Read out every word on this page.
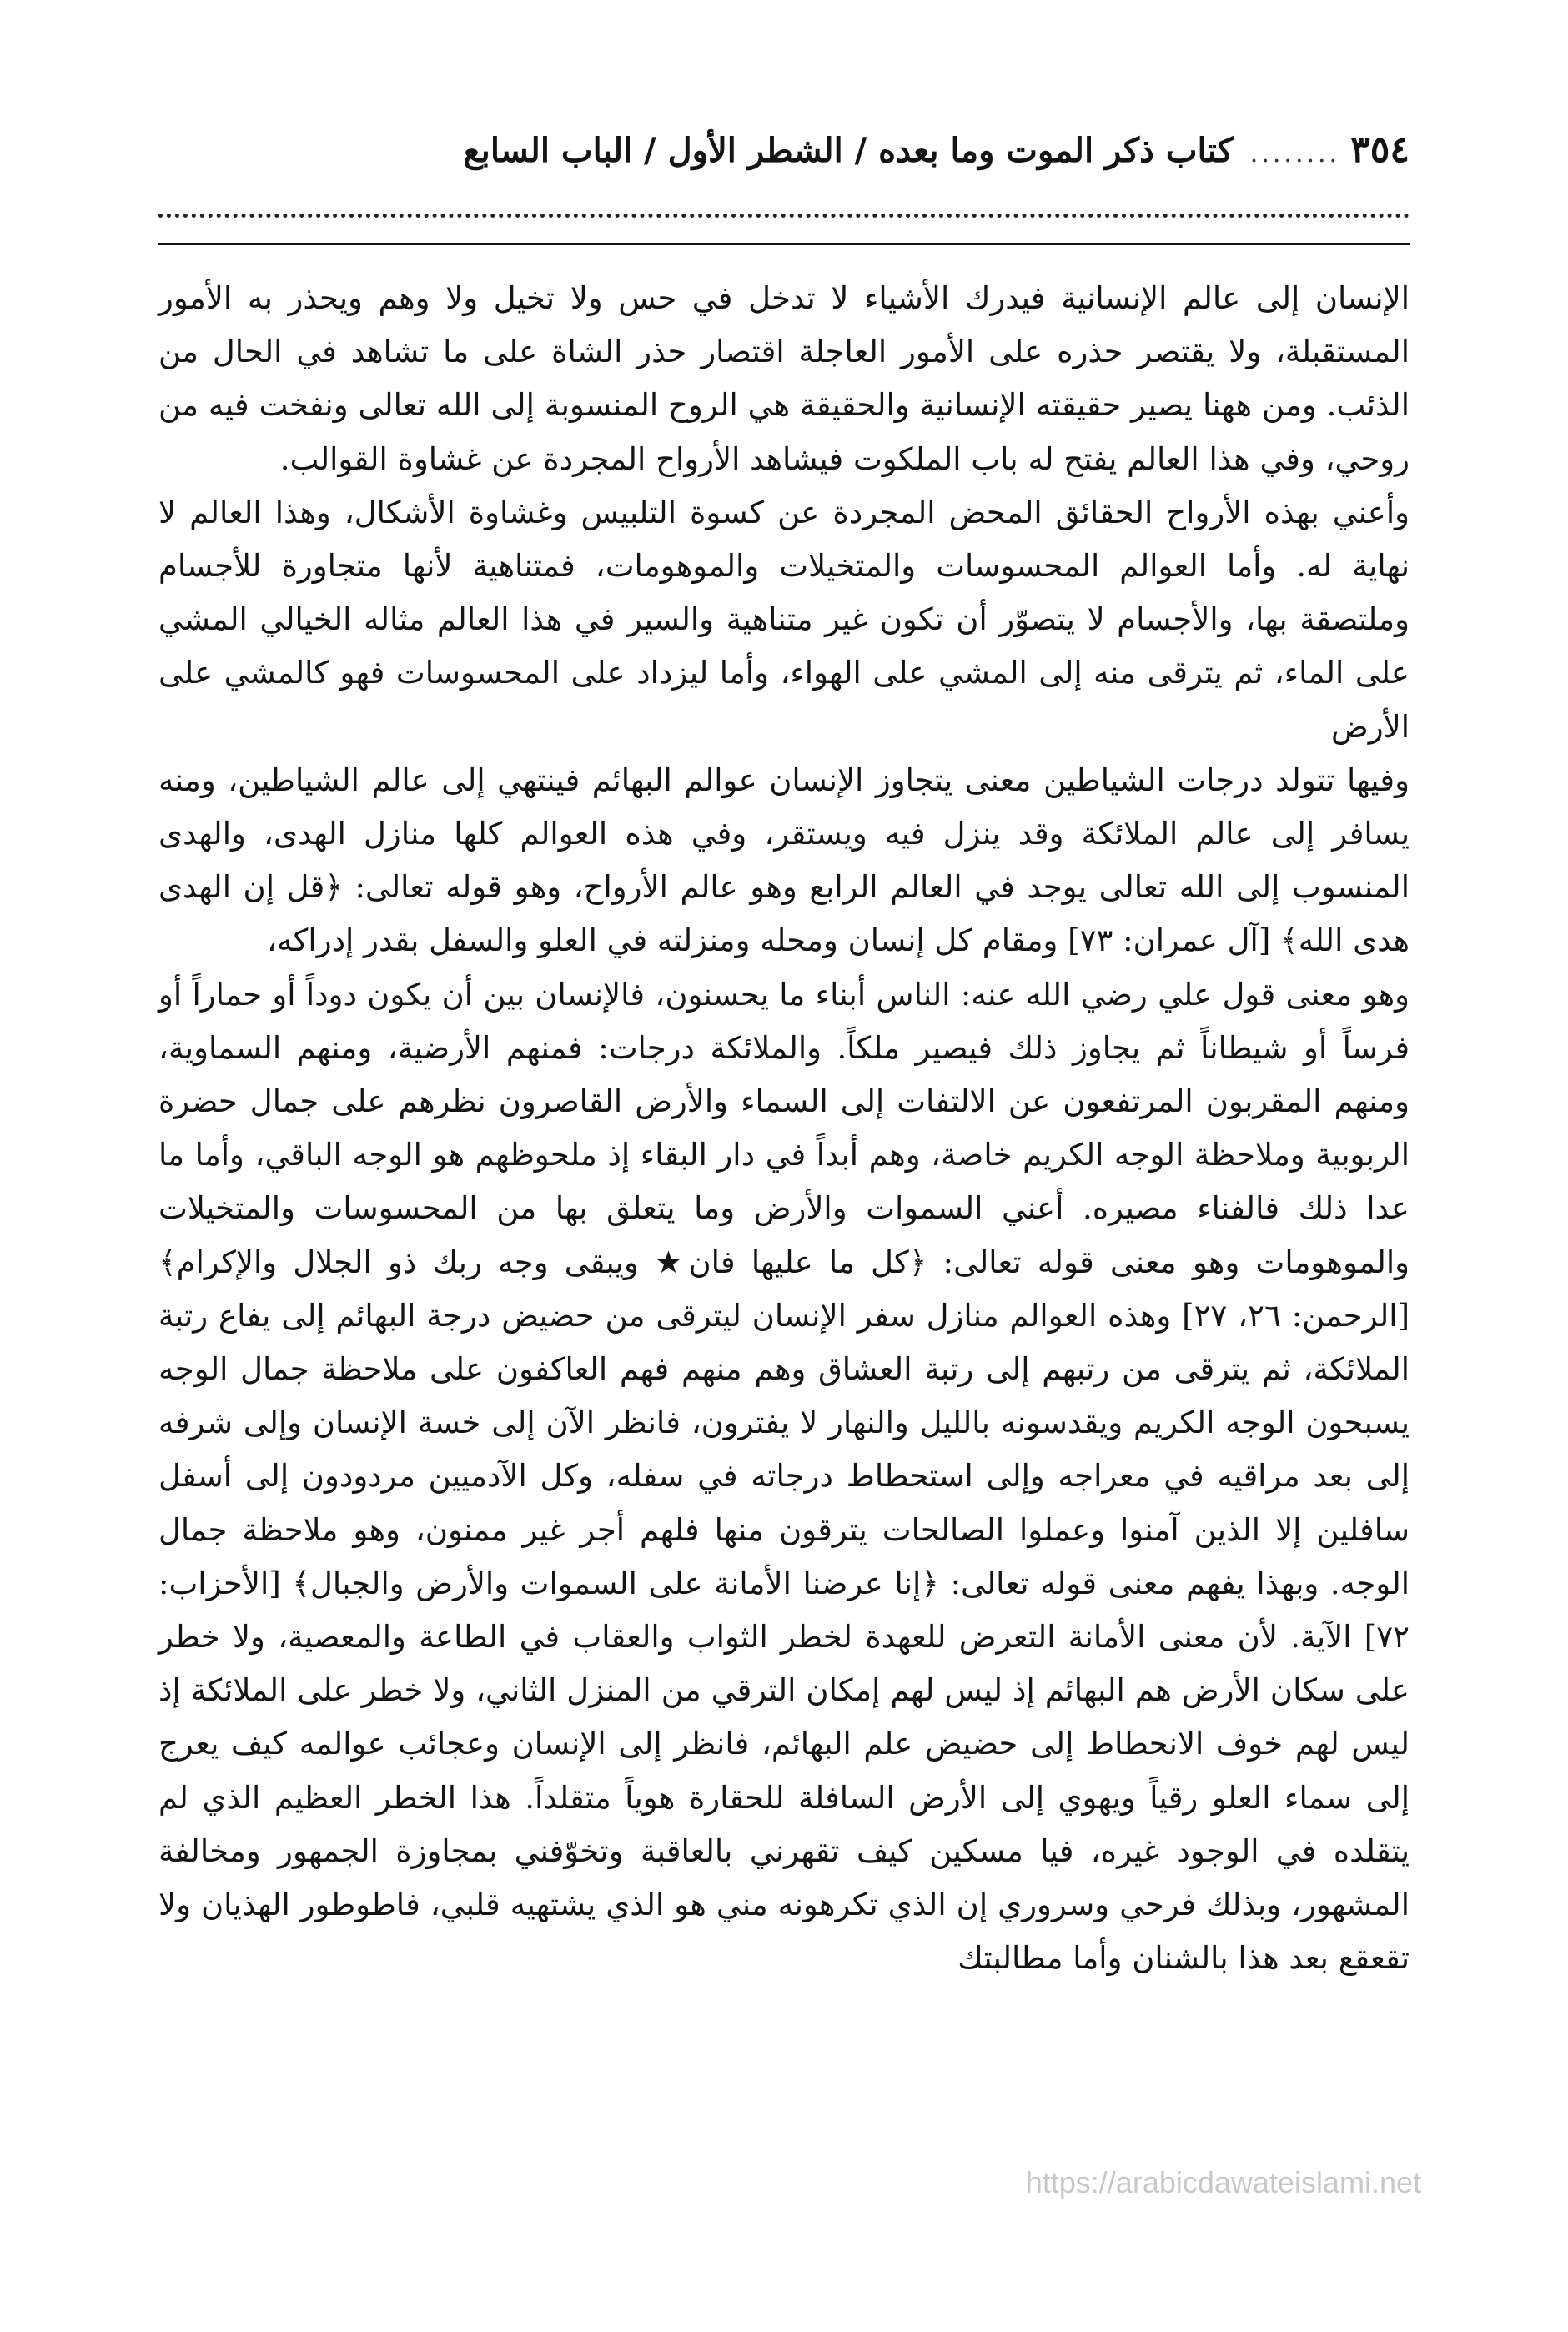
٣٥٤
........
كتاب ذكر الموت وما بعده / الشطر الأول / الباب السابع

الإنسان إلى عالم الإنسانية فيدرك الأشياء لا تدخل في حس ولا تخيل ولا وهم ويحذر به الأمور المستقبلة، ولا يقتصر حذره على الأمور العاجلة اقتصار حذر الشاة على ما تشاهد في الحال من الذئب. ومن ههنا يصير حقيقته الإنسانية والحقيقة هي الروح المنسوبة إلى الله تعالى ونفخت فيه من روحي، وفي هذا العالم يفتح له باب الملكوت فيشاهد الأرواح المجردة عن غشاوة القوالب.

وأعني بهذه الأرواح الحقائق المحض المجردة عن كسوة التلبيس وغشاوة الأشكال، وهذا العالم لا نهاية له. وأما العوالم المحسوسات والمتخيلات والموهومات، فمتناهية لأنها متجاورة للأجسام وملتصقة بها، والأجسام لا يتصوّر أن تكون غير متناهية والسير في هذا العالم مثاله الخيالي المشي على الماء، ثم يترقى منه إلى المشي على الهواء، وأما ليزداد على المحسوسات فهو كالمشي على الأرض

وفيها تتولد درجات الشياطين معنى يتجاوز الإنسان عوالم البهائم فينتهي إلى عالم الشياطين، ومنه يسافر إلى عالم الملائكة وقد ينزل فيه ويستقر، وفي هذه العوالم كلها منازل الهدى، والهدى المنسوب إلى الله تعالى يوجد في العالم الرابع وهو عالم الأرواح، وهو قوله تعالى: ﴿قل إن الهدى هدى الله﴾ [آل عمران: ٧٣] ومقام كل إنسان ومحله ومنزلته في العلو والسفل بقدر إدراكه،

وهو معنى قول علي رضي الله عنه: الناس أبناء ما يحسنون، فالإنسان بين أن يكون دوداً أو حماراً أو فرساً أو شيطاناً ثم يجاوز ذلك فيصير ملكاً. والملائكة درجات: فمنهم الأرضية، ومنهم السماوية، ومنهم المقربون المرتفعون عن الالتفات إلى السماء والأرض القاصرون نظرهم على جمال حضرة الربوبية وملاحظة الوجه الكريم خاصة، وهم أبداً في دار البقاء إذ ملحوظهم هو الوجه الباقي، وأما ما عدا ذلك فالفناء مصيره. أعني السموات والأرض وما يتعلق بها من المحسوسات والمتخيلات والموهومات وهو معنى قوله تعالى: ﴿كل ما عليها فان★ ويبقى وجه ربك ذو الجلال والإكرام﴾ [الرحمن: ٢٦، ٢٧] وهذه العوالم منازل سفر الإنسان ليترقى من حضيض درجة البهائم إلى يفاع رتبة الملائكة، ثم يترقى من رتبهم إلى رتبة العشاق وهم منهم فهم العاكفون على ملاحظة جمال الوجه يسبحون الوجه الكريم ويقدسونه بالليل والنهار لا يفترون، فانظر الآن إلى خسة الإنسان وإلى شرفه إلى بعد مراقيه في معراجه وإلى استحطاط درجاته في سفله، وكل الآدميين مردودون إلى أسفل سافلين إلا الذين آمنوا وعملوا الصالحات يترقون منها فلهم أجر غير ممنون، وهو ملاحظة جمال الوجه. وبهذا يفهم معنى قوله تعالى: ﴿إنا عرضنا الأمانة على السموات والأرض والجبال﴾ [الأحزاب: ٧٢] الآية. لأن معنى الأمانة التعرض للعهدة لخطر الثواب والعقاب في الطاعة والمعصية، ولا خطر على سكان الأرض هم البهائم إذ ليس لهم إمكان الترقي من المنزل الثاني، ولا خطر على الملائكة إذ ليس لهم خوف الانحطاط إلى حضيض علم البهائم، فانظر إلى الإنسان وعجائب عوالمه كيف يعرج إلى سماء العلو رقياً ويهوي إلى الأرض السافلة للحقارة هوياً متقلداً. هذا الخطر العظيم الذي لم يتقلده في الوجود غيره، فيا مسكين كيف تقهرني بالعاقبة وتخوّفني بمجاوزة الجمهور ومخالفة المشهور، وبذلك فرحي وسروري إن الذي تكرهونه مني هو الذي يشتهيه قلبي، فاطوطور الهذيان ولا تقعقع بعد هذا بالشنان وأما مطالبتك

https://arabicdawateislami.net
